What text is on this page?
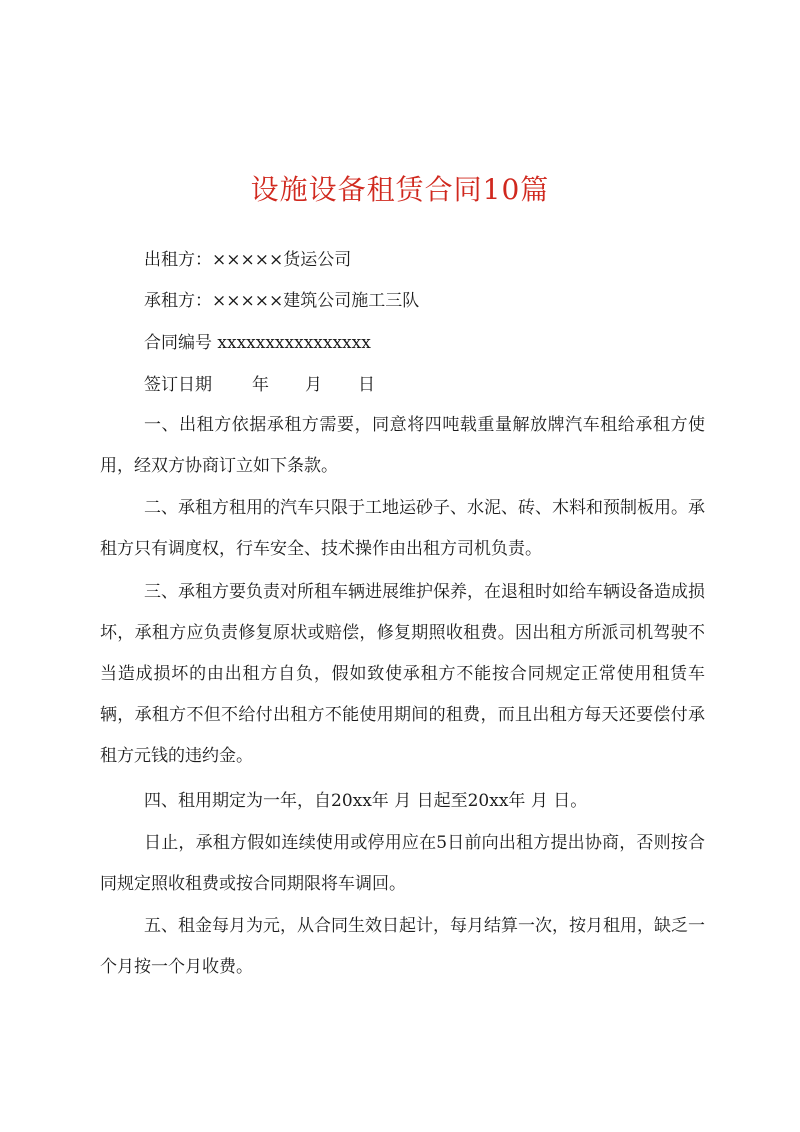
设施设备租赁合同10篇
出租方：×××××货运公司
承租方：×××××建筑公司施工三队
合同编号 xxxxxxxxxxxxxxxx
签订日期 年 月 日

一、出租方依据承租方需要，同意将四吨载重量解放牌汽车租给承租方使用，经双方协商订立如下条款。

二、承租方租用的汽车只限于工地运砂子、水泥、砖、木料和预制板用。承租方只有调度权，行车安全、技术操作由出租方司机负责。

三、承租方要负责对所租车辆进展维护保养，在退租时如给车辆设备造成损坏，承租方应负责修复原状或赔偿，修复期照收租费。因出租方所派司机驾驶不当造成损坏的由出租方自负，假如致使承租方不能按合同规定正常使用租赁车辆，承租方不但不给付出租方不能使用期间的租费，而且出租方每天还要偿付承租方元钱的违约金。

四、租用期定为一年，自20xx年 月 日起至20xx年 月 日。

日止，承租方假如连续使用或停用应在5日前向出租方提出协商，否则按合同规定照收租费或按合同期限将车调回。

五、租金每月为元，从合同生效日起计，每月结算一次，按月租用，缺乏一个月按一个月收费。
